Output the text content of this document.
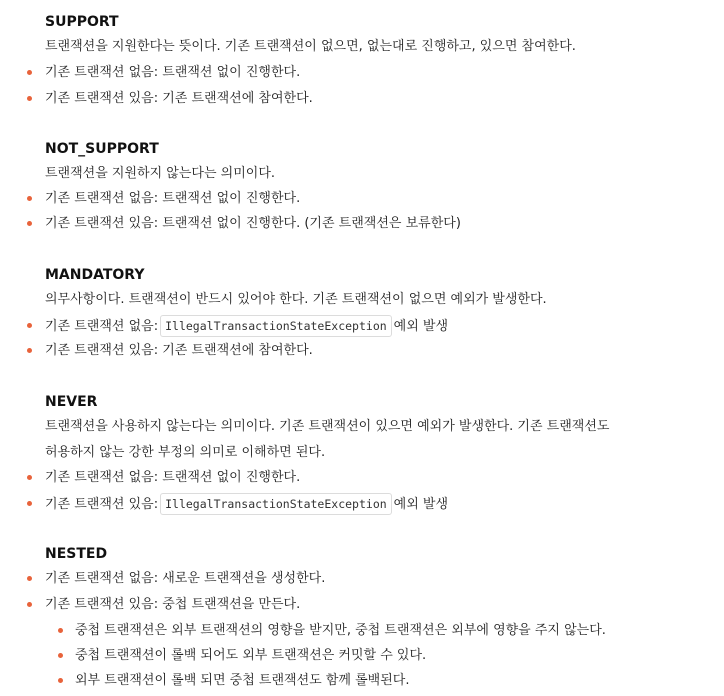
SUPPORT
트랜잭션을 지원한다는 뜻이다. 기존 트랜잭션이 없으면, 없는대로 진행하고, 있으면 참여한다.
기존 트랜잭션 없음: 트랜잭션 없이 진행한다.
기존 트랜잭션 있음: 기존 트랜잭션에 참여한다.
NOT_SUPPORT
트랜잭션을 지원하지 않는다는 의미이다.
기존 트랜잭션 없음: 트랜잭션 없이 진행한다.
기존 트랜잭션 있음: 트랜잭션 없이 진행한다. (기존 트랜잭션은 보류한다)
MANDATORY
의무사항이다. 트랜잭션이 반드시 있어야 한다. 기존 트랜잭션이 없으면 예외가 발생한다.
기존 트랜잭션 없음: IllegalTransactionStateException 예외 발생
기존 트랜잭션 있음: 기존 트랜잭션에 참여한다.
NEVER
트랜잭션을 사용하지 않는다는 의미이다. 기존 트랜잭션이 있으면 예외가 발생한다. 기존 트랜잭션도
허용하지 않는 강한 부정의 의미로 이해하면 된다.
기존 트랜잭션 없음: 트랜잭션 없이 진행한다.
기존 트랜잭션 있음: IllegalTransactionStateException 예외 발생
NESTED
기존 트랜잭션 없음: 새로운 트랜잭션을 생성한다.
기존 트랜잭션 있음: 중첩 트랜잭션을 만든다.
중첩 트랜잭션은 외부 트랜잭션의 영향을 받지만, 중첩 트랜잭션은 외부에 영향을 주지 않는다.
중첩 트랜잭션이 롤백 되어도 외부 트랜잭션은 커밋할 수 있다.
외부 트랜잭션이 롤백 되면 중첩 트랜잭션도 함께 롤백된다.
